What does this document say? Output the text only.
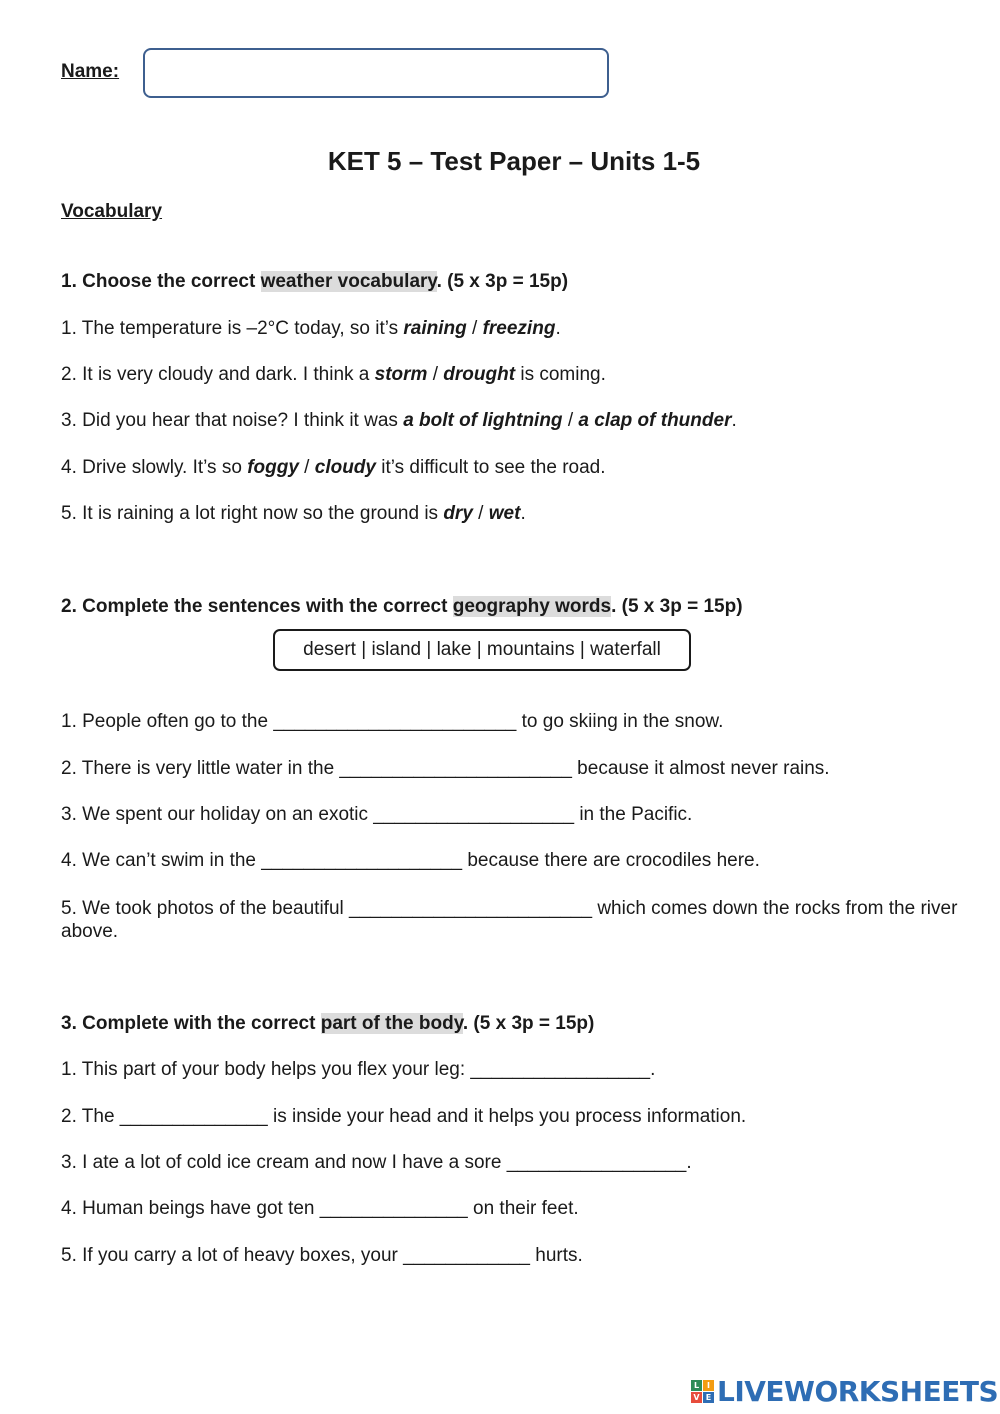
Name:
KET 5 – Test Paper – Units 1-5
Vocabulary
1. Choose the correct weather vocabulary. (5 x 3p = 15p)
1. The temperature is –2°C today, so it’s raining / freezing.
2. It is very cloudy and dark. I think a storm / drought is coming.
3. Did you hear that noise? I think it was a bolt of lightning / a clap of thunder.
4. Drive slowly. It’s so foggy / cloudy it’s difficult to see the road.
5. It is raining a lot right now so the ground is dry / wet.
2. Complete the sentences with the correct geography words. (5 x 3p = 15p)
desert | island | lake | mountains | waterfall
1. People often go to the _______________________ to go skiing in the snow.
2. There is very little water in the ______________________ because it almost never rains.
3. We spent our holiday on an exotic ___________________ in the Pacific.
4. We can’t swim in the ___________________ because there are crocodiles here.
5. We took photos of the beautiful _______________________ which comes down the rocks from the river above.
3. Complete with the correct part of the body. (5 x 3p = 15p)
1. This part of your body helps you flex your leg: _________________.
2. The ______________ is inside your head and it helps you process information.
3. I ate a lot of cold ice cream and now I have a sore _________________.
4. Human beings have got ten ______________ on their feet.
5. If you carry a lot of heavy boxes, your ____________ hurts.
L I
V E LIVEWORKSHEETS
